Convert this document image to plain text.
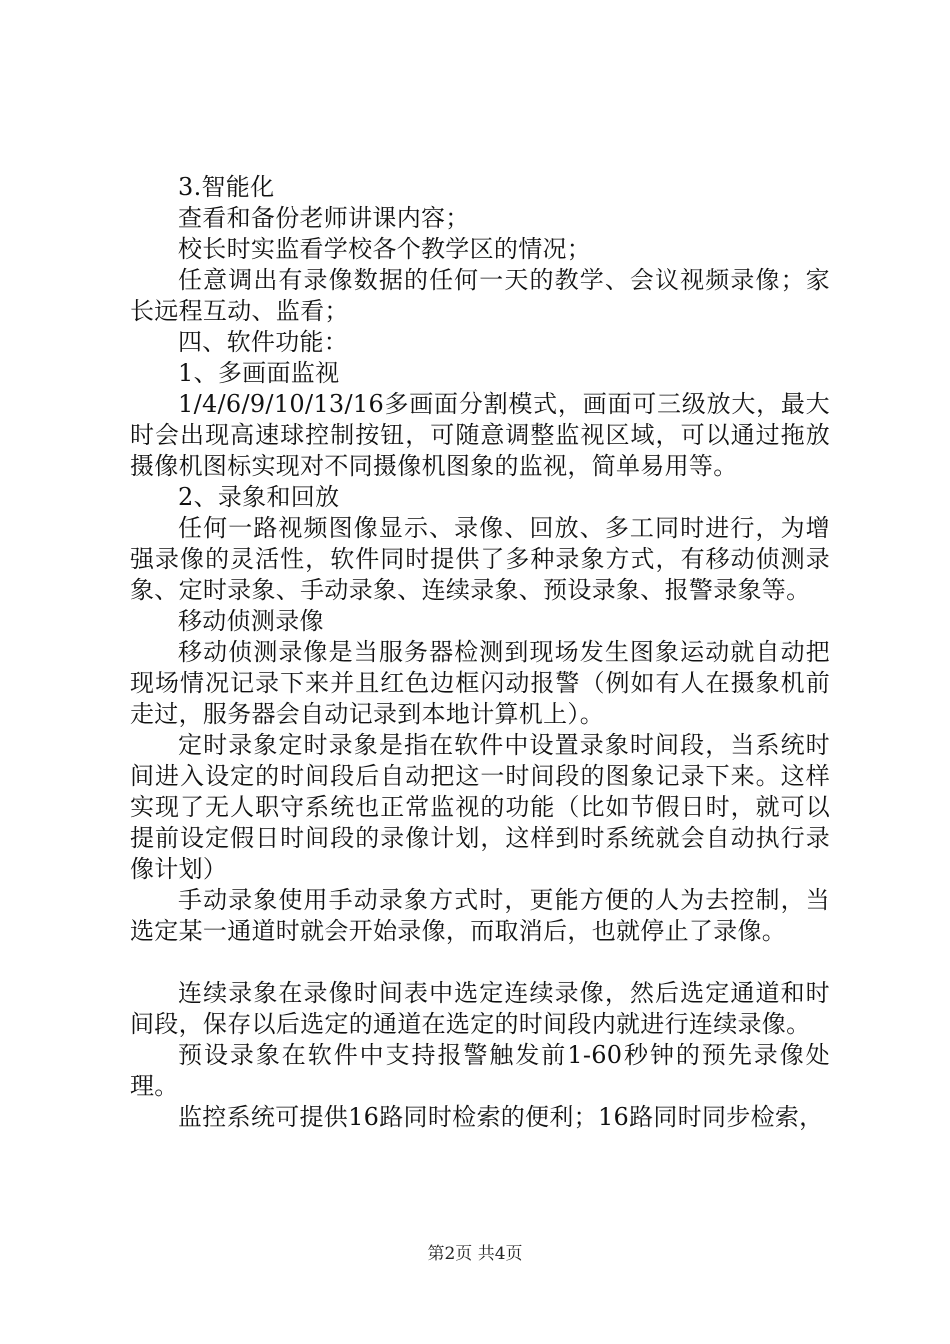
3.智能化

查看和备份老师讲课内容；

校长时实监看学校各个教学区的情况；

任意调出有录像数据的任何一天的教学、会议视频录像；家长远程互动、监看；

四、软件功能：

1、多画面监视

1/4/6/9/10/13/16多画面分割模式，画面可三级放大，最大时会出现高速球控制按钮，可随意调整监视区域，可以通过拖放摄像机图标实现对不同摄像机图象的监视，简单易用等。

2、录象和回放

任何一路视频图像显示、录像、回放、多工同时进行，为增强录像的灵活性，软件同时提供了多种录象方式，有移动侦测录象、定时录象、手动录象、连续录象、预设录象、报警录象等。

移动侦测录像

移动侦测录像是当服务器检测到现场发生图象运动就自动把现场情况记录下来并且红色边框闪动报警（例如有人在摄象机前走过，服务器会自动记录到本地计算机上）。

定时录象定时录象是指在软件中设置录象时间段，当系统时间进入设定的时间段后自动把这一时间段的图象记录下来。这样实现了无人职守系统也正常监视的功能（比如节假日时，就可以提前设定假日时间段的录像计划，这样到时系统就会自动执行录像计划）

手动录象使用手动录象方式时，更能方便的人为去控制，当选定某一通道时就会开始录像，而取消后，也就停止了录像。

连续录象在录像时间表中选定连续录像，然后选定通道和时间段，保存以后选定的通道在选定的时间段内就进行连续录像。

预设录象在软件中支持报警触发前1-60秒钟的预先录像处理。

监控系统可提供16路同时检索的便利；16路同时同步检索，

第2页 共4页
